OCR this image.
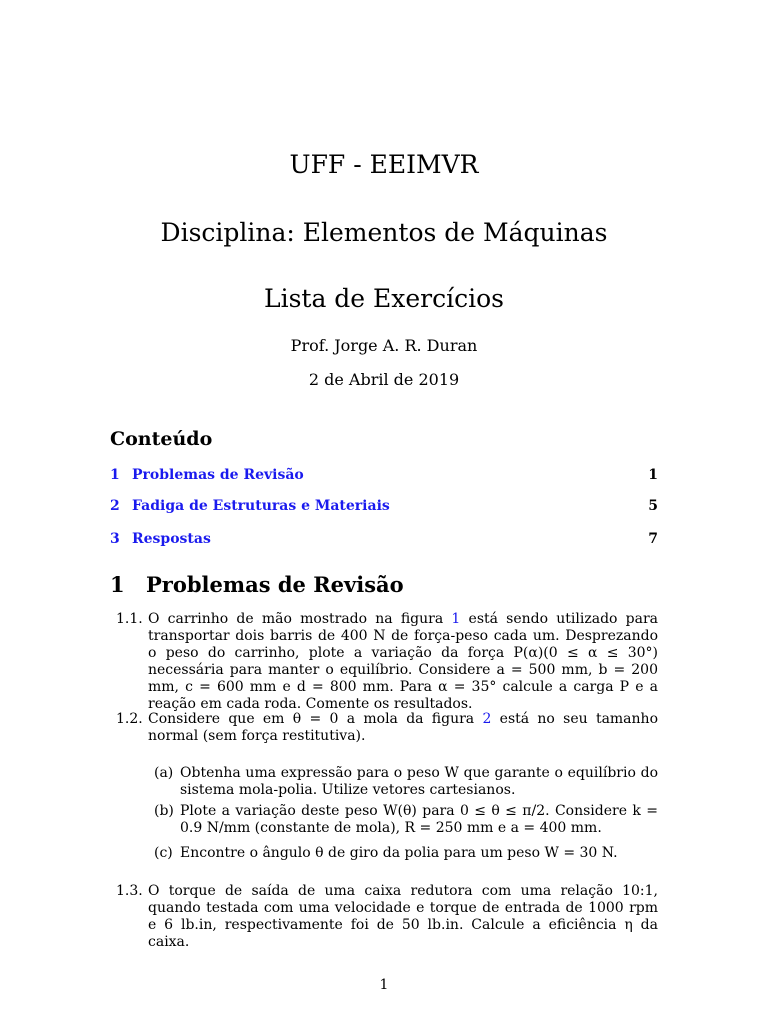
UFF - EEIMVR
Disciplina: Elementos de Máquinas
Lista de Exercícios
Prof. Jorge A. R. Duran
2 de Abril de 2019
Conteúdo
1 Problemas de Revisão	1
2 Fadiga de Estruturas e Materiais	5
3 Respostas	7
1 Problemas de Revisão
1.1. O carrinho de mão mostrado na figura 1 está sendo utilizado para transportar dois barris de 400 N de força-peso cada um. Desprezando o peso do carrinho, plote a variação da força P(α)(0 ≤ α ≤ 30°) necessária para manter o equilíbrio. Considere a = 500 mm, b = 200 mm, c = 600 mm e d = 800 mm. Para α = 35° calcule a carga P e a reação em cada roda. Comente os resultados.
1.2. Considere que em θ = 0 a mola da figura 2 está no seu tamanho normal (sem força restitutiva).
(a) Obtenha uma expressão para o peso W que garante o equilíbrio do sistema mola-polia. Utilize vetores cartesianos.
(b) Plote a variação deste peso W(θ) para 0 ≤ θ ≤ π/2. Considere k = 0.9 N/mm (constante de mola), R = 250 mm e a = 400 mm.
(c) Encontre o ângulo θ de giro da polia para um peso W = 30 N.
1.3. O torque de saída de uma caixa redutora com uma relação 10:1, quando testada com uma velocidade e torque de entrada de 1000 rpm e 6 lb.in, respectivamente foi de 50 lb.in. Calcule a eficiência η da caixa.
1
